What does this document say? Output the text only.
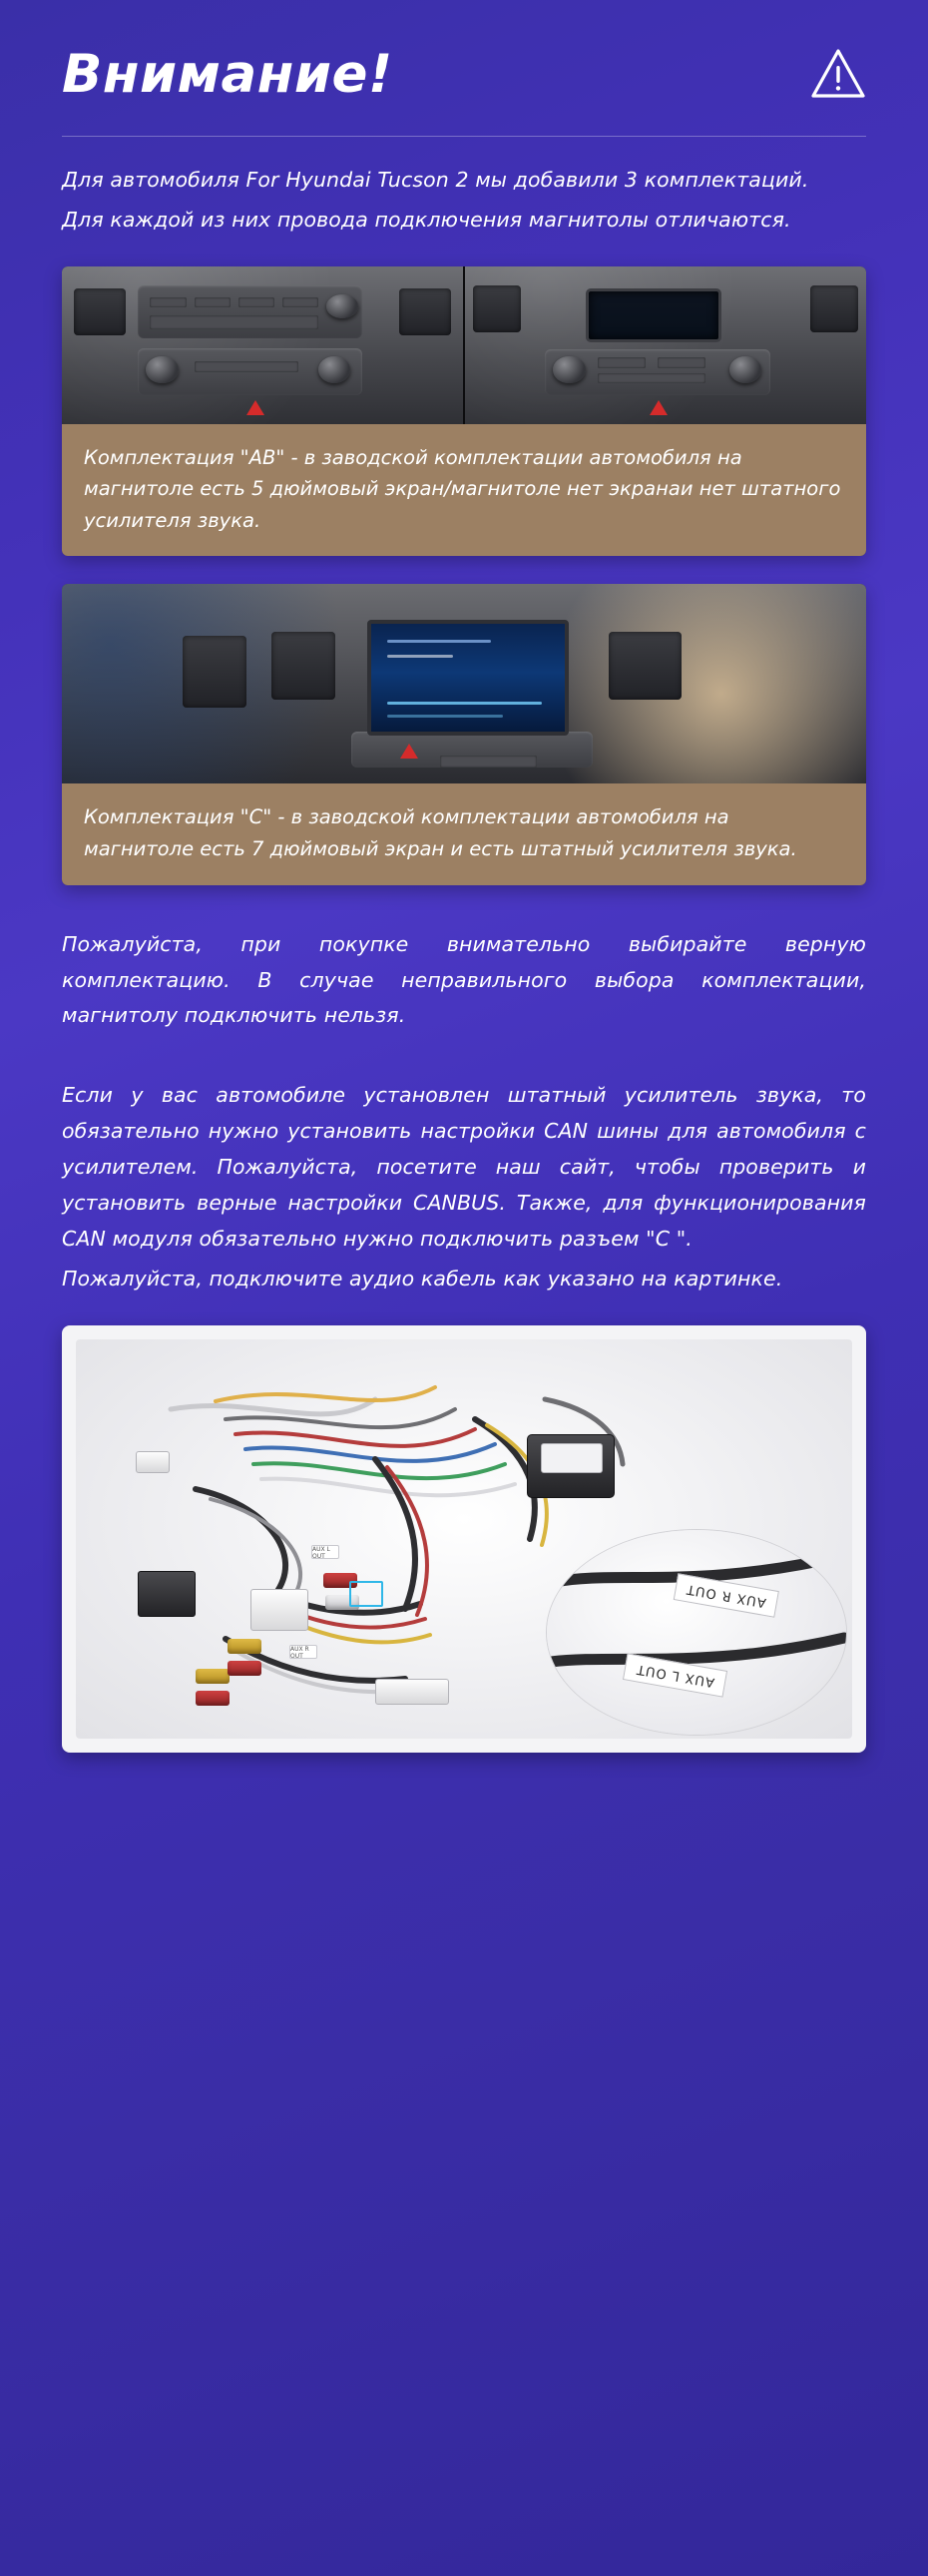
Внимание!

Для автомобиля For Hyundai Tucson 2 мы добавили 3 комплектаций.

Для каждой из них провода подключения магнитолы отличаются.

Комплектация "AB" - в заводской комплектации автомобиля на магнитоле есть 5 дюймовый экран/магнитоле нет экранаи нет штатного усилителя звука.
Комплектация "C" - в заводской комплектации автомобиля на магнитоле есть 7 дюймовый экран и есть штатный усилителя звука.

Пожалуйста, при покупке внимательно выбирайте верную комплектацию. В случае неправильного выбора комплектации, магнитолу подключить нельзя.

Если у вас автомобиле установлен штатный усилитель звука, то обязательно нужно установить настройки CAN шины для автомобиля с усилителем. Пожалуйста, посетите наш сайт, чтобы проверить и установить верные настройки CANBUS. Также, для функционирования CAN модуля обязательно нужно подключить разъем "C ".

Пожалуйста, подключите аудио кабель как указано на картинке.

AUX L OUT
AUX R OUT
AUX R OUT
AUX L OUT
